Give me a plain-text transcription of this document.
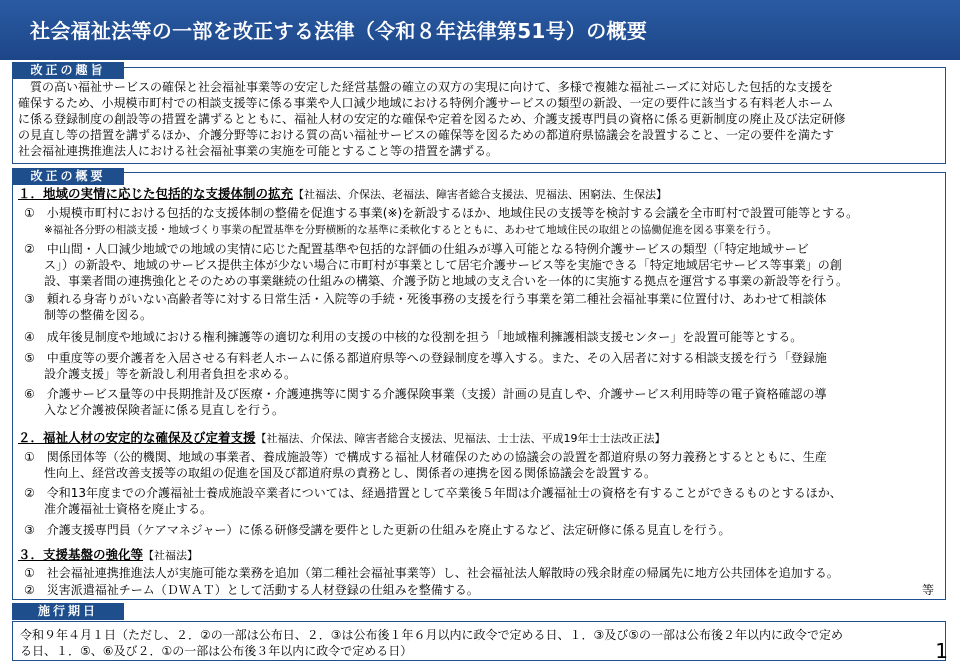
社会福祉法等の一部を改正する法律（令和８年法律第51号）の概要
改正の趣旨
　質の高い福祉サービスの確保と社会福祉事業等の安定した経営基盤の確立の双方の実現に向けて、多様で複雑な福祉ニーズに対応した包括的な支援を
確保するため、小規模市町村での相談支援等に係る事業や人口減少地域における特例介護サービスの類型の新設、一定の要件に該当する有料老人ホーム
に係る登録制度の創設等の措置を講ずるとともに、福祉人材の安定的な確保や定着を図るため、介護支援専門員の資格に係る更新制度の廃止及び法定研修
の見直し等の措置を講ずるほか、介護分野等における質の高い福祉サービスの確保等を図るための都道府県協議会を設置すること、一定の要件を満たす
社会福祉連携推進法人における社会福祉事業の実施を可能とすること等の措置を講ずる。
改正の概要
１．地域の実情に応じた包括的な支援体制の拡充【社福法、介保法、老福法、障害者総合支援法、児福法、困窮法、生保法】
①　小規模市町村における包括的な支援体制の整備を促進する事業(※)を新設するほか、地域住民の支援等を検討する会議を全市町村で設置可能等とする。
※福祉各分野の相談支援・地域づくり事業の配置基準を分野横断的な基準に柔軟化するとともに、あわせて地域住民の取組との協働促進を図る事業を行う。
②　中山間・人口減少地域での地域の実情に応じた配置基準や包括的な評価の仕組みが導入可能となる特例介護サービスの類型（「特定地域サービ
ス」）の新設や、地域のサービス提供主体が少ない場合に市町村が事業として居宅介護サービス等を実施できる「特定地域居宅サービス等事業」の創
設、事業者間の連携強化とそのための事業継続の仕組みの構築、介護予防と地域の支え合いを一体的に実施する拠点を運営する事業の新設等を行う。
③　頼れる身寄りがいない高齢者等に対する日常生活・入院等の手続・死後事務の支援を行う事業を第二種社会福祉事業に位置付け、あわせて相談体
制等の整備を図る。
④　成年後見制度や地域における権利擁護等の適切な利用の支援の中核的な役割を担う「地域権利擁護相談支援センター」を設置可能等とする。
⑤　中重度等の要介護者を入居させる有料老人ホームに係る都道府県等への登録制度を導入する。また、その入居者に対する相談支援を行う「登録施
設介護支援」等を新設し利用者負担を求める。
⑥　介護サービス量等の中長期推計及び医療・介護連携等に関する介護保険事業（支援）計画の見直しや、介護サービス利用時等の電子資格確認の導
入など介護被保険者証に係る見直しを行う。
２．福祉人材の安定的な確保及び定着支援【社福法、介保法、障害者総合支援法、児福法、士士法、平成19年士士法改正法】
①　関係団体等（公的機関、地域の事業者、養成施設等）で構成する福祉人材確保のための協議会の設置を都道府県の努力義務とするとともに、生産
性向上、経営改善支援等の取組の促進を国及び都道府県の責務とし、関係者の連携を図る関係協議会を設置する。
②　令和13年度までの介護福祉士養成施設卒業者については、経過措置として卒業後５年間は介護福祉士の資格を有することができるものとするほか、
准介護福祉士資格を廃止する。
③　介護支援専門員（ケアマネジャー）に係る研修受講を要件とした更新の仕組みを廃止するなど、法定研修に係る見直しを行う。
３．支援基盤の強化等【社福法】
①　社会福祉連携推進法人が実施可能な業務を追加（第二種社会福祉事業等）し、社会福祉法人解散時の残余財産の帰属先に地方公共団体を追加する。
②　災害派遣福祉チーム（ＤＷＡＴ）として活動する人材登録の仕組みを整備する。	等
施行期日
令和９年４月１日（ただし、２．②の一部は公布日、２．③は公布後１年６月以内に政令で定める日、１．③及び⑤の一部は公布後２年以内に政令で定め
る日、１．⑤、⑥及び２．①の一部は公布後３年以内に政令で定める日）	1
